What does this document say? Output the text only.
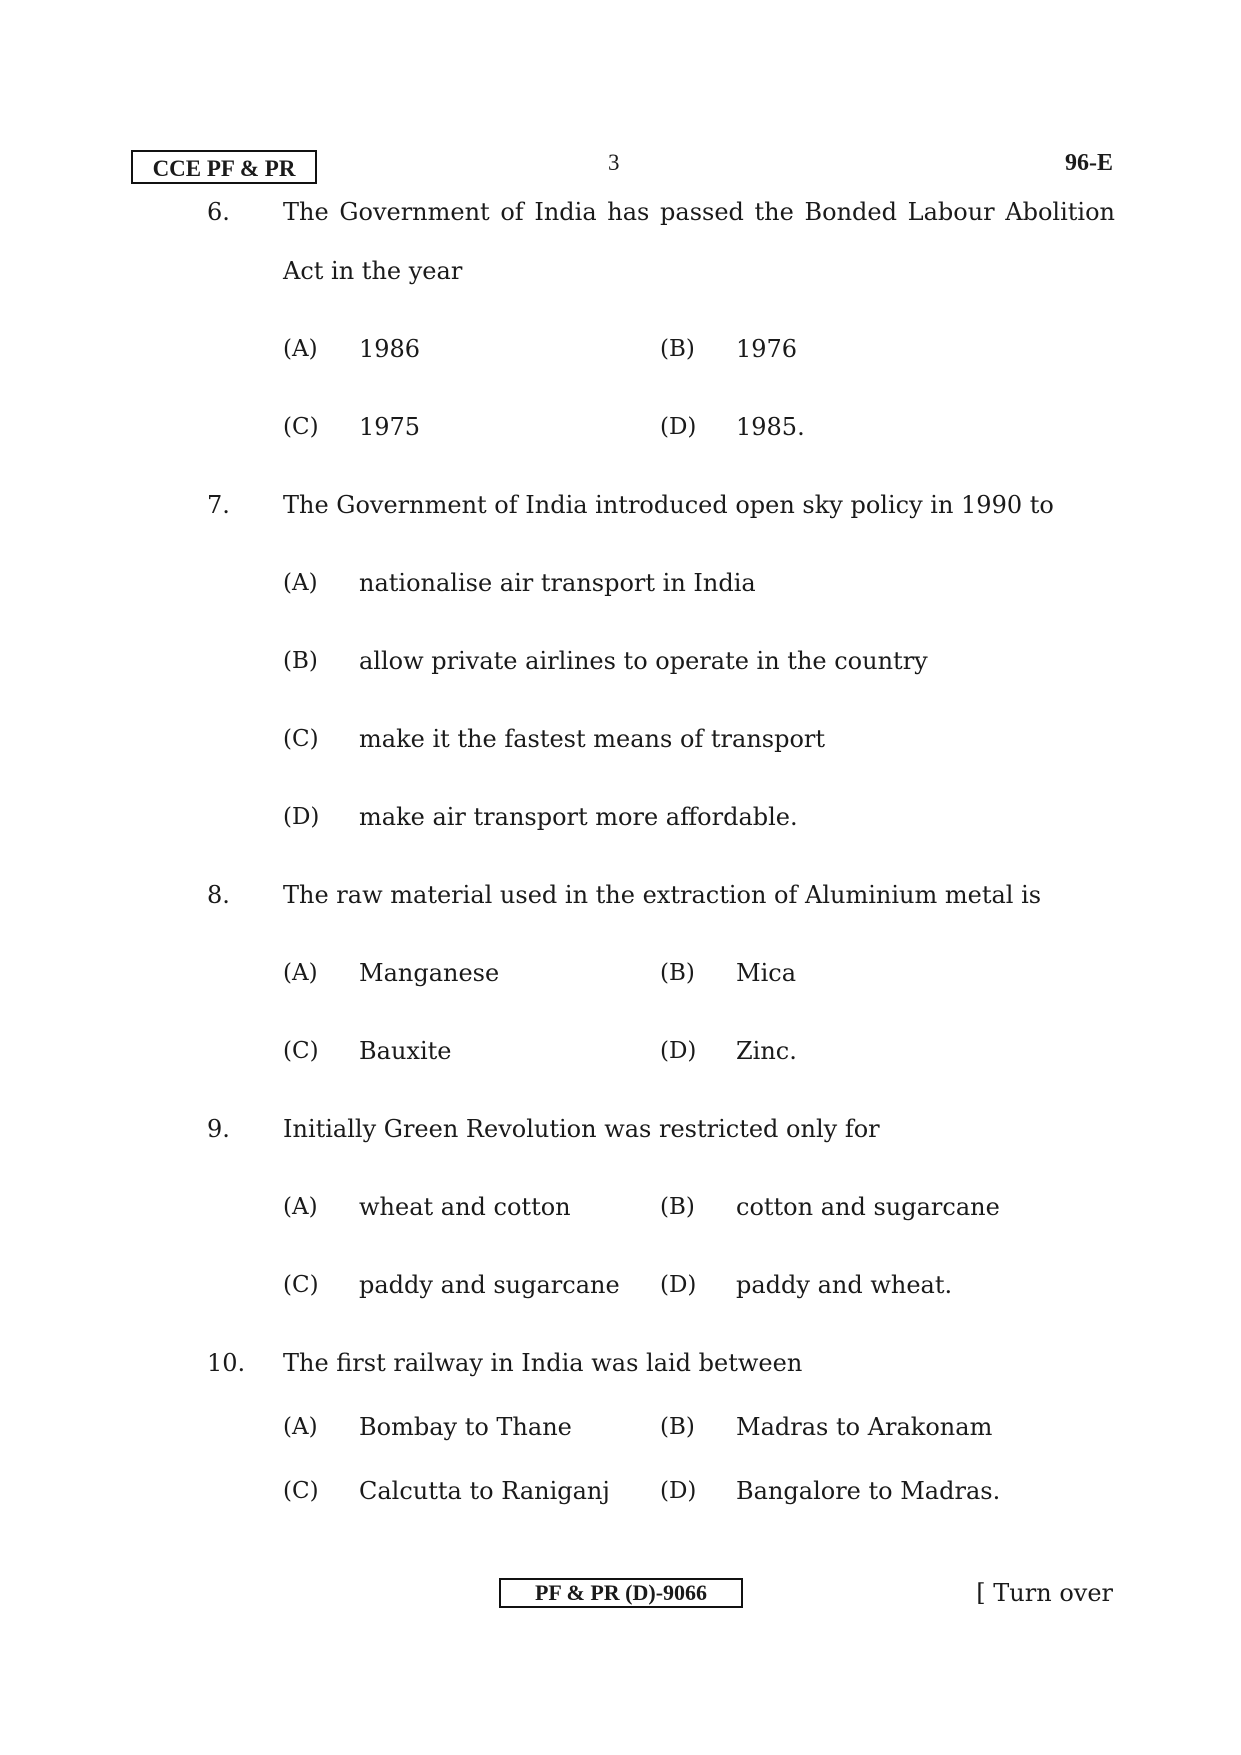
CCE PF & PR	3	96-E
6. The Government of India has passed the Bonded Labour Abolition
Act in the year
(A) 1986	(B) 1976
(C) 1975	(D) 1985.
7. The Government of India introduced open sky policy in 1990 to
(A) nationalise air transport in India
(B) allow private airlines to operate in the country
(C) make it the fastest means of transport
(D) make air transport more affordable.
8. The raw material used in the extraction of Aluminium metal is
(A) Manganese	(B) Mica
(C) Bauxite	(D) Zinc.
9. Initially Green Revolution was restricted only for
(A) wheat and cotton	(B) cotton and sugarcane
(C) paddy and sugarcane (D) paddy and wheat.
10. The first railway in India was laid between
(A) Bombay to Thane	(B) Madras to Arakonam
(C) Calcutta to Raniganj (D) Bangalore to Madras.
PF & PR (D)-9066	[ Turn over
